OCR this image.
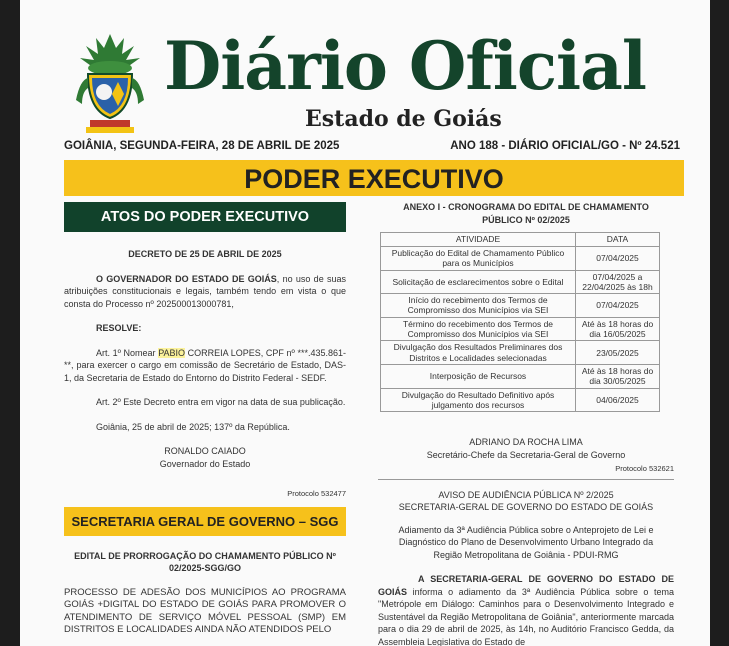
Diário Oficial
Estado de Goiás
GOIÂNIA, SEGUNDA-FEIRA, 28 DE ABRIL DE 2025	ANO 188 - DIÁRIO OFICIAL/GO - Nº 24.521
PODER EXECUTIVO
ATOS DO PODER EXECUTIVO

DECRETO DE 25 DE ABRIL DE 2025

O GOVERNADOR DO ESTADO DE GOIÁS, no uso de suas atribuições constitucionais e legais, também tendo em vista o que consta do Processo nº 202500013000781,

RESOLVE:

Art. 1º Nomear PABIO CORREIA LOPES, CPF nº ***.435.861-**, para exercer o cargo em comissão de Secretário de Estado, DAS-1, da Secretaria de Estado do Entorno do Distrito Federal - SEDF.

Art. 2º Este Decreto entra em vigor na data de sua publicação.

Goiânia, 25 de abril de 2025; 137º da República.

RONALDO CAIADO

Governador do Estado

Protocolo 532477

SECRETARIA GERAL DE GOVERNO – SGG

EDITAL DE PRORROGAÇÃO DO CHAMAMENTO PÚBLICO Nº 02/2025-SGG/GO

PROCESSO DE ADESÃO DOS MUNICÍPIOS AO PROGRAMA GOIÁS +DIGITAL DO ESTADO DE GOIÁS PARA PROMOVER O ATENDIMENTO DE SERVIÇO MÓVEL PESSOAL (SMP) EM DISTRITOS E LOCALIDADES AINDA NÃO ATENDIDOS PELO

ANEXO I - CRONOGRAMA DO EDITAL DE CHAMAMENTO PÚBLICO Nº 02/2025

ATIVIDADE	DATA
Publicação do Edital de Chamamento Público para os Municípios	07/04/2025
Solicitação de esclarecimentos sobre o Edital	07/04/2025 a 22/04/2025 às 18h
Início do recebimento dos Termos de Compromisso dos Municípios via SEI	07/04/2025
Término do recebimento dos Termos de Compromisso dos Municípios via SEI	Até às 18 horas do dia 16/05/2025
Divulgação dos Resultados Preliminares dos Distritos e Localidades selecionadas	23/05/2025
Interposição de Recursos	Até às 18 horas do dia 30/05/2025
Divulgação do Resultado Definitivo após julgamento dos recursos	04/06/2025

ADRIANO DA ROCHA LIMA

Secretário-Chefe da Secretaria-Geral de Governo

Protocolo 532621

AVISO DE AUDIÊNCIA PÚBLICA Nº 2/2025

SECRETARIA-GERAL DE GOVERNO DO ESTADO DE GOIÁS

Adiamento da 3ª Audiência Pública sobre o Anteprojeto de Lei e Diagnóstico do Plano de Desenvolvimento Urbano Integrado da Região Metropolitana de Goiânia - PDUI-RMG

A SECRETARIA-GERAL DE GOVERNO DO ESTADO DE GOIÁS informa o adiamento da 3ª Audiência Pública sobre o tema "Metrópole em Diálogo: Caminhos para o Desenvolvimento Integrado e Sustentável da Região Metropolitana de Goiânia", anteriormente marcada para o dia 29 de abril de 2025, às 14h, no Auditório Francisco Gedda, da Assembleia Legislativa do Estado de
